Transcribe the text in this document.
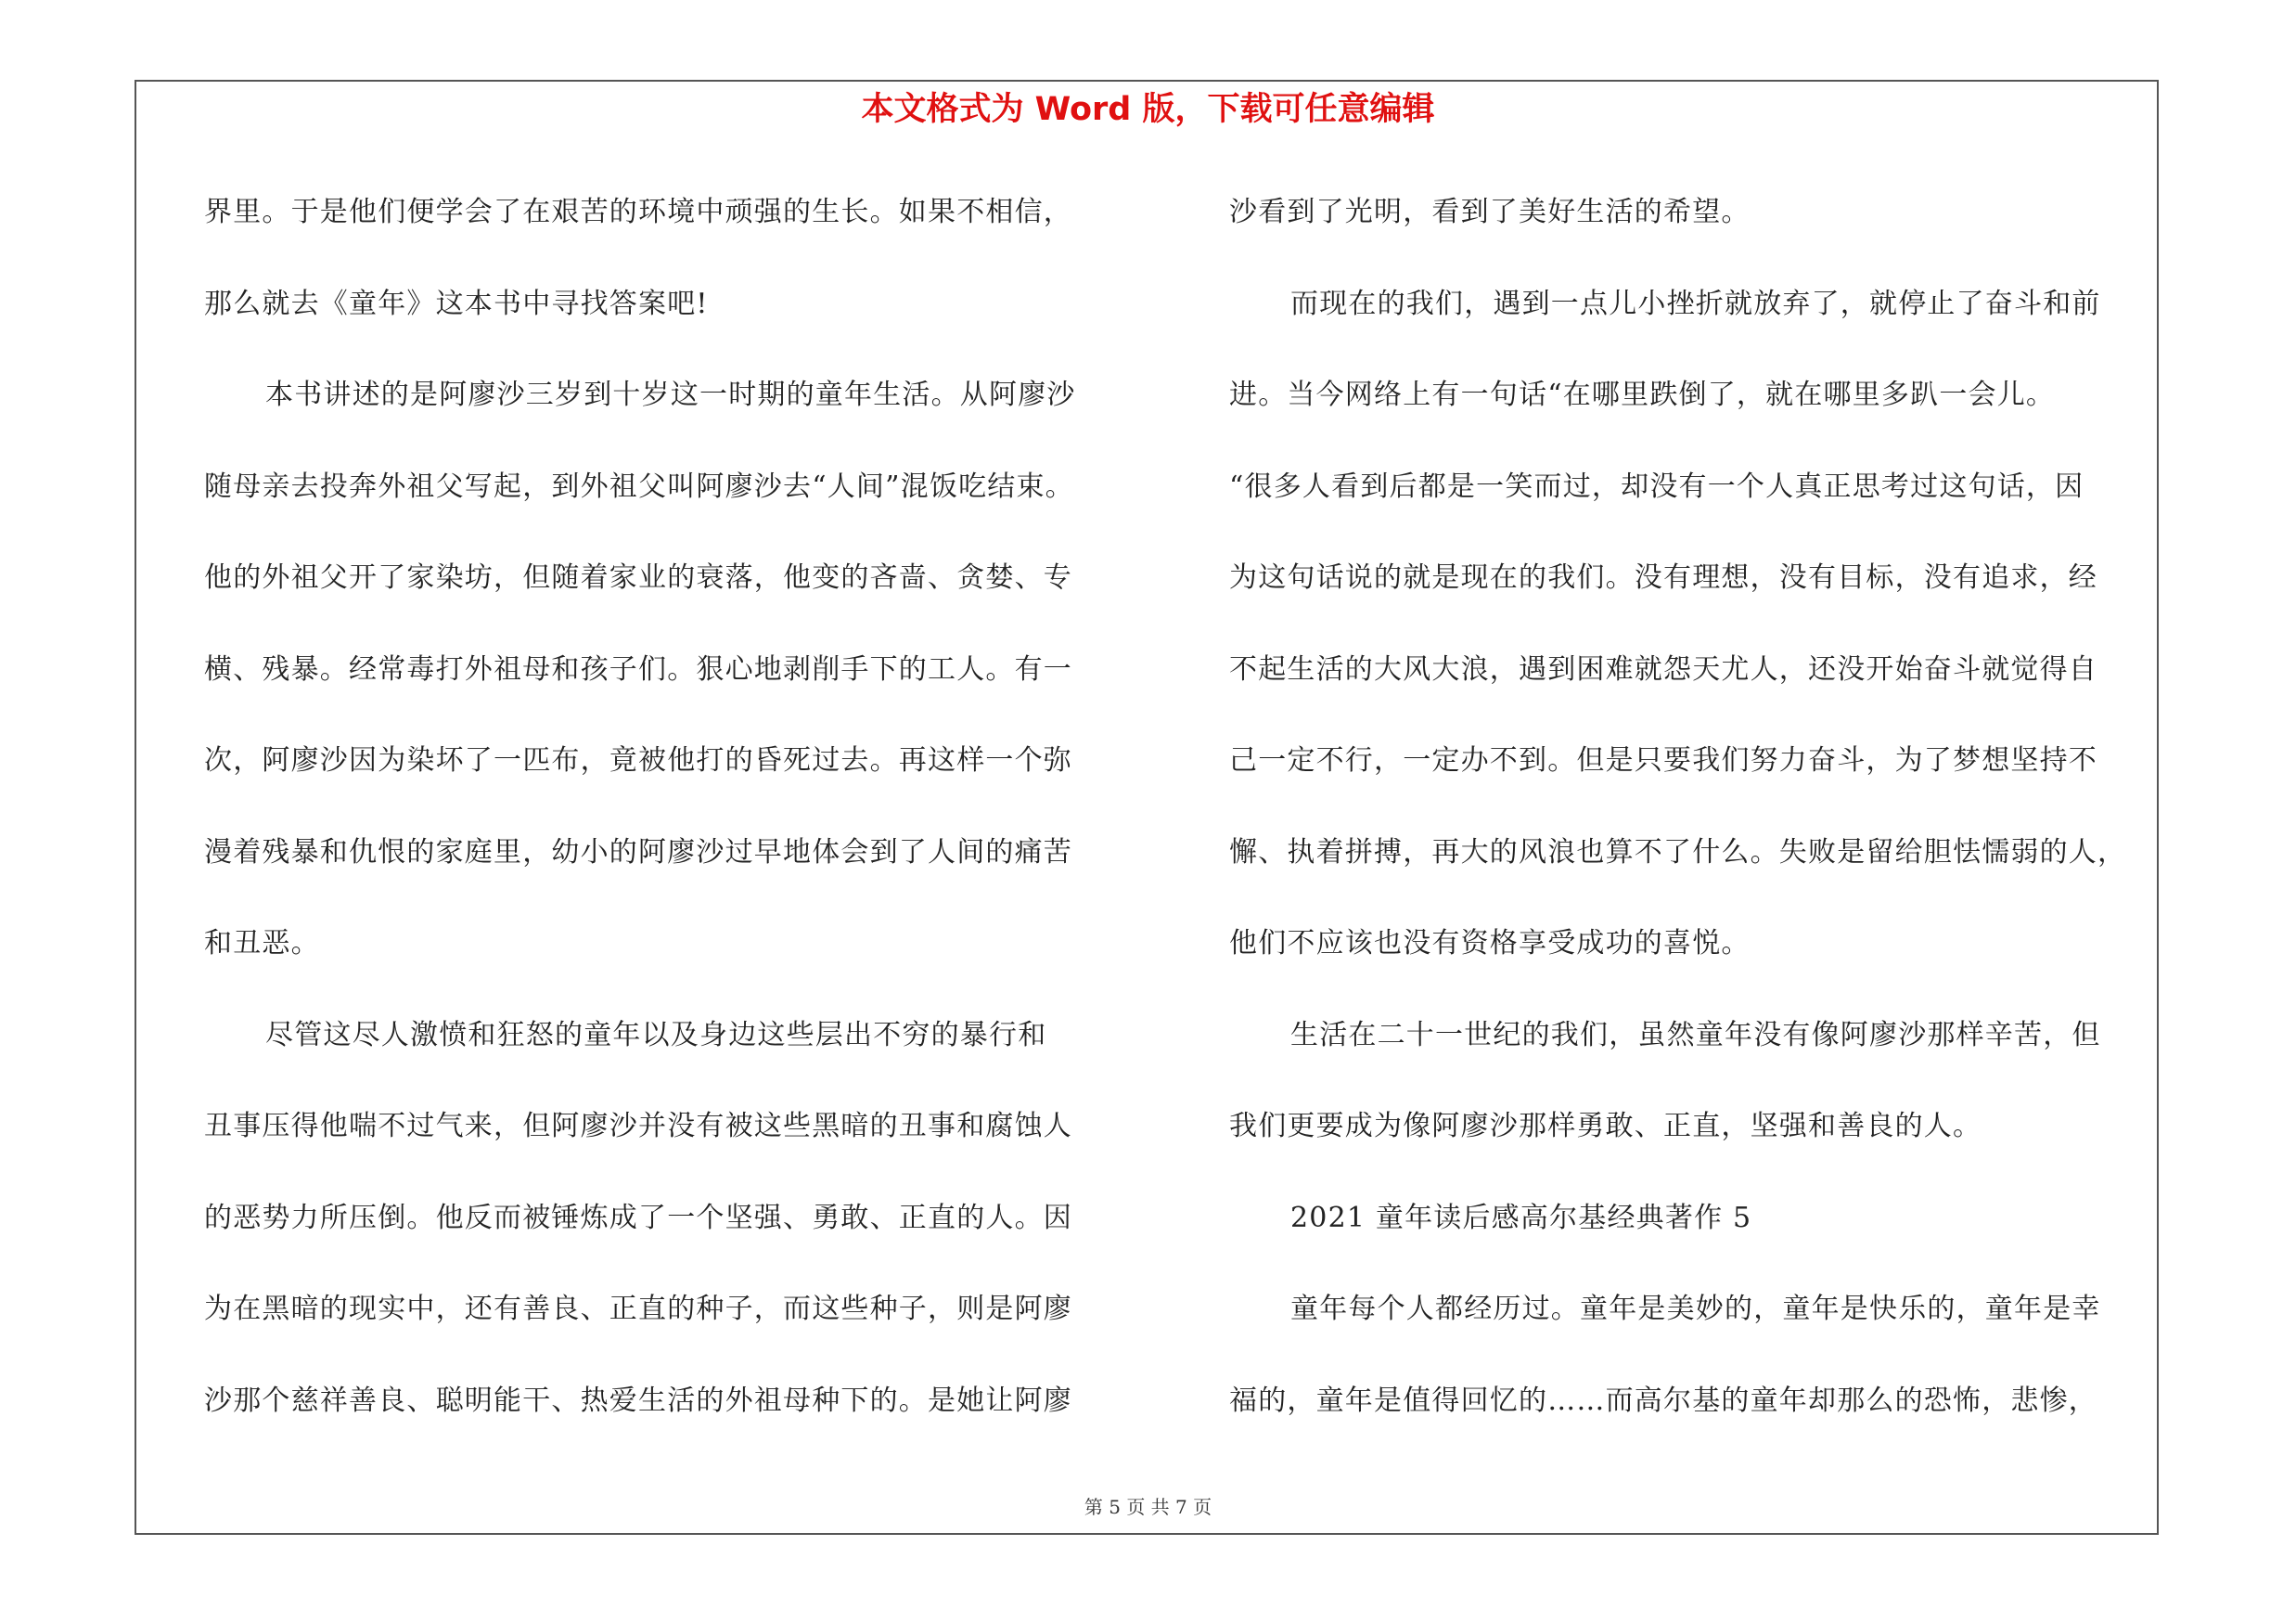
本文格式为 Word 版，下载可任意编辑
界里。于是他们便学会了在艰苦的环境中顽强的生长。如果不相信，
那么就去《童年》这本书中寻找答案吧!
本书讲述的是阿廖沙三岁到十岁这一时期的童年生活。从阿廖沙
随母亲去投奔外祖父写起，到外祖父叫阿廖沙去“人间”混饭吃结束。
他的外祖父开了家染坊，但随着家业的衰落，他变的吝啬、贪婪、专
横、残暴。经常毒打外祖母和孩子们。狠心地剥削手下的工人。有一
次，阿廖沙因为染坏了一匹布，竟被他打的昏死过去。再这样一个弥
漫着残暴和仇恨的家庭里，幼小的阿廖沙过早地体会到了人间的痛苦
和丑恶。
尽管这尽人激愤和狂怒的童年以及身边这些层出不穷的暴行和
丑事压得他喘不过气来，但阿廖沙并没有被这些黑暗的丑事和腐蚀人
的恶势力所压倒。他反而被锤炼成了一个坚强、勇敢、正直的人。因
为在黑暗的现实中，还有善良、正直的种子，而这些种子，则是阿廖
沙那个慈祥善良、聪明能干、热爱生活的外祖母种下的。是她让阿廖
沙看到了光明，看到了美好生活的希望。
而现在的我们，遇到一点儿小挫折就放弃了，就停止了奋斗和前
进。当今网络上有一句话“在哪里跌倒了，就在哪里多趴一会儿。
“很多人看到后都是一笑而过，却没有一个人真正思考过这句话，因
为这句话说的就是现在的我们。没有理想，没有目标，没有追求，经
不起生活的大风大浪，遇到困难就怨天尤人，还没开始奋斗就觉得自
己一定不行，一定办不到。但是只要我们努力奋斗，为了梦想坚持不
懈、执着拼搏，再大的风浪也算不了什么。失败是留给胆怯懦弱的人，
他们不应该也没有资格享受成功的喜悦。
生活在二十一世纪的我们，虽然童年没有像阿廖沙那样辛苦，但
我们更要成为像阿廖沙那样勇敢、正直，坚强和善良的人。
2021 童年读后感高尔基经典著作 5
童年每个人都经历过。童年是美妙的，童年是快乐的，童年是幸
福的，童年是值得回忆的……而高尔基的童年却那么的恐怖，悲惨，
第 5 页 共 7 页
